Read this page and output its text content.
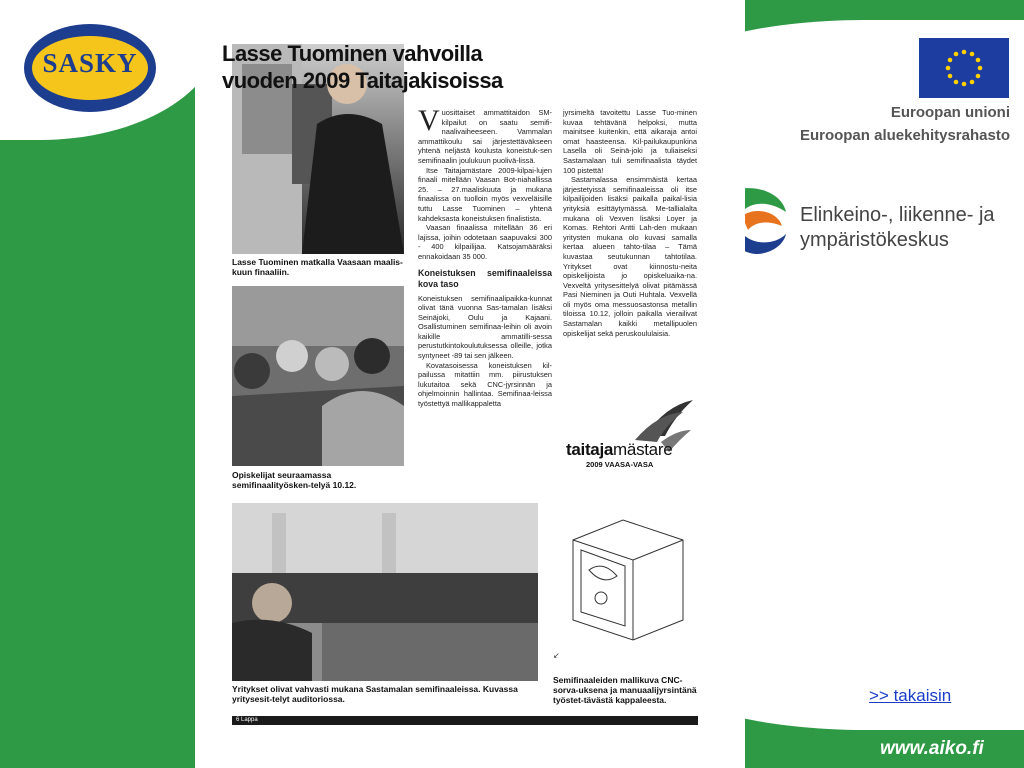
SASKY
Euroopan unioni
Euroopan aluekehitysrahasto
Elinkeino-, liikenne- ja
ympäristökeskus
Lasse Tuominen matkalla Vaasaan maalis-kuun finaaliin.
Opiskelijat seuraamassa semifinaalityösken-telyä 10.12.
Yritykset olivat vahvasti mukana Sastamalan semifinaaleissa. Kuvassa yritysesit-telyt auditoriossa.
Lasse Tuominen vahvoilla
vuoden 2009 Taitajakisoissa

V uosittaiset ammattitaidon SM-kilpailut on saatu semifi-naalivaiheeseen. Vammalan ammattikoulu sai järjestettäväkseen yhtenä neljästä koulusta koneistuk-sen semifinaalin joulukuun puolivä-lissä.

Itse Taitajamästare 2009-kilpai-lujen finaali mitellään Vaasan Bot-niahallissa 25. – 27.maaliskuuta ja mukana finaalissa on tuolloin myös vexveläisille tuttu Lasse Tuominen – yhtenä kahdeksasta koneistuksen finalistista.

Vaasan finaalissa mitellään 36 eri lajissa, joihin odotetaan saapuvaksi 300 - 400 kilpailijaa. Katsojamääräksi ennakoidaan 35 000.

Koneistuksen semifinaaleissa kova taso

Koneistuksen semifinaalipaikka-kunnat olivat tänä vuonna Sas-tamalan lisäksi Seinäjoki, Oulu ja Kajaani. Osallistuminen semifinaa-leihin oli avoin kaikille ammatilli-sessa perustutkintokoulutuksessa olleille, jotka syntyneet -89 tai sen jälkeen.

Kovatasoisessa koneistuksen kil-pailussa mitattiin mm. piirustuksen lukutaitoa sekä CNC-jyrsinnän ja ohjelmoinnin hallintaa. Semifinaa-leissa työstettyä mallikappaletta

jyrsimeltä tavoitettu Lasse Tuo-minen kuvaa tehtävänä helpoksi, mutta mainitsee kuitenkin, että aikaraja antoi omat haasteensa. Kil-pailukaupunkina Lasella oli Seinä-joki ja tuliaiseksi Sastamalaan tuli semifinaalista täydet 100 pistettä!

Sastamalassa ensimmäistä kertaa järjestetyissä semifinaaleissa oli itse kilpailijoiden lisäksi paikalla paikal-lisia yrityksiä esittäytymässä. Me-tallialalta mukana oli Vexven lisäksi Loyer ja Komas. Rehtori Antti Lah-den mukaan yritysten mukana olo kuvasi samalla kertaa alueen tahto-tilaa – Tämä kuvastaa seutukunnan tahtotilaa. Yritykset ovat kiinnostu-neita opiskelijoista jo opiskeluaika-na. Vexveltä yritysesittelyä olivat pitämässä Pasi Nieminen ja Outi Huhtala. Vexvellä oli myös oma messuosastonsa metallin tiloissa 10.12, jolloin paikalla vierailivat Sastamalan kaikki metallipuolen opiskelijat sekä peruskoululaisia.

taitajamästare
2009 VAASA-VASA
↙
Semifinaaleiden mallikuva CNC-sorva-uksena ja manuaalijyrsintänä työstet-tävästä kappaleesta.
6 Lappa
>> takaisin
www.aiko.fi
